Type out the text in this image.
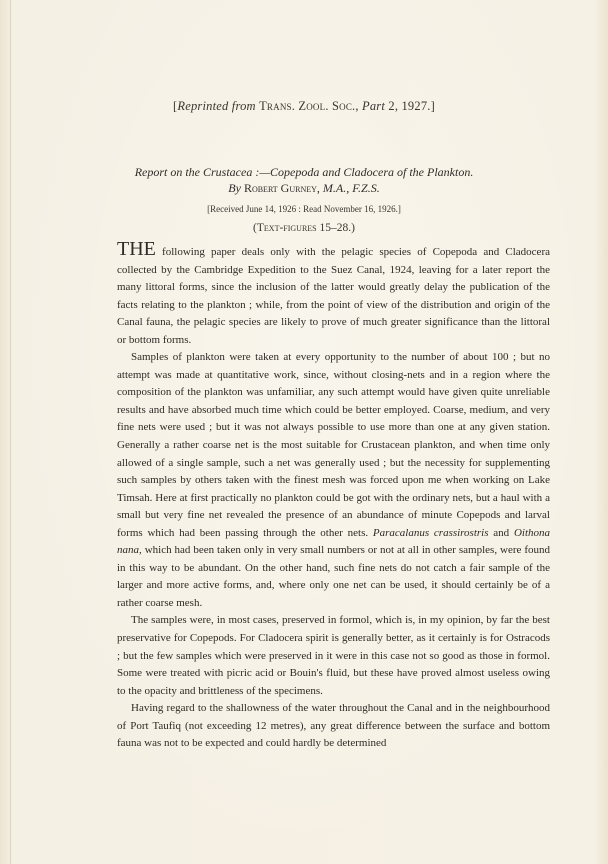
[Reprinted from Trans. Zool. Soc., Part 2, 1927.]
Report on the Crustacea :—Copepoda and Cladocera of the Plankton.
By Robert Gurney, M.A., F.Z.S.
[Received June 14, 1926 : Read November 16, 1926.]
(Text-figures 15–28.)

THE following paper deals only with the pelagic species of Copepoda and Cladocera collected by the Cambridge Expedition to the Suez Canal, 1924, leaving for a later report the many littoral forms, since the inclusion of the latter would greatly delay the publication of the facts relating to the plankton ; while, from the point of view of the distribution and origin of the Canal fauna, the pelagic species are likely to prove of much greater significance than the littoral or bottom forms.

Samples of plankton were taken at every opportunity to the number of about 100 ; but no attempt was made at quantitative work, since, without closing-nets and in a region where the composition of the plankton was unfamiliar, any such attempt would have given quite unreliable results and have absorbed much time which could be better employed. Coarse, medium, and very fine nets were used ; but it was not always possible to use more than one at any given station. Generally a rather coarse net is the most suitable for Crustacean plankton, and when time only allowed of a single sample, such a net was generally used ; but the necessity for supplementing such samples by others taken with the finest mesh was forced upon me when working on Lake Timsah. Here at first practically no plankton could be got with the ordinary nets, but a haul with a small but very fine net revealed the presence of an abundance of minute Copepods and larval forms which had been passing through the other nets. Paracalanus crassirostris and Oithona nana, which had been taken only in very small numbers or not at all in other samples, were found in this way to be abundant. On the other hand, such fine nets do not catch a fair sample of the larger and more active forms, and, where only one net can be used, it should certainly be of a rather coarse mesh.

The samples were, in most cases, preserved in formol, which is, in my opinion, by far the best preservative for Copepods. For Cladocera spirit is generally better, as it certainly is for Ostracods ; but the few samples which were preserved in it were in this case not so good as those in formol. Some were treated with picric acid or Bouin's fluid, but these have proved almost useless owing to the opacity and brittleness of the specimens.

Having regard to the shallowness of the water throughout the Canal and in the neighbourhood of Port Taufiq (not exceeding 12 metres), any great difference between the surface and bottom fauna was not to be expected and could hardly be determined
